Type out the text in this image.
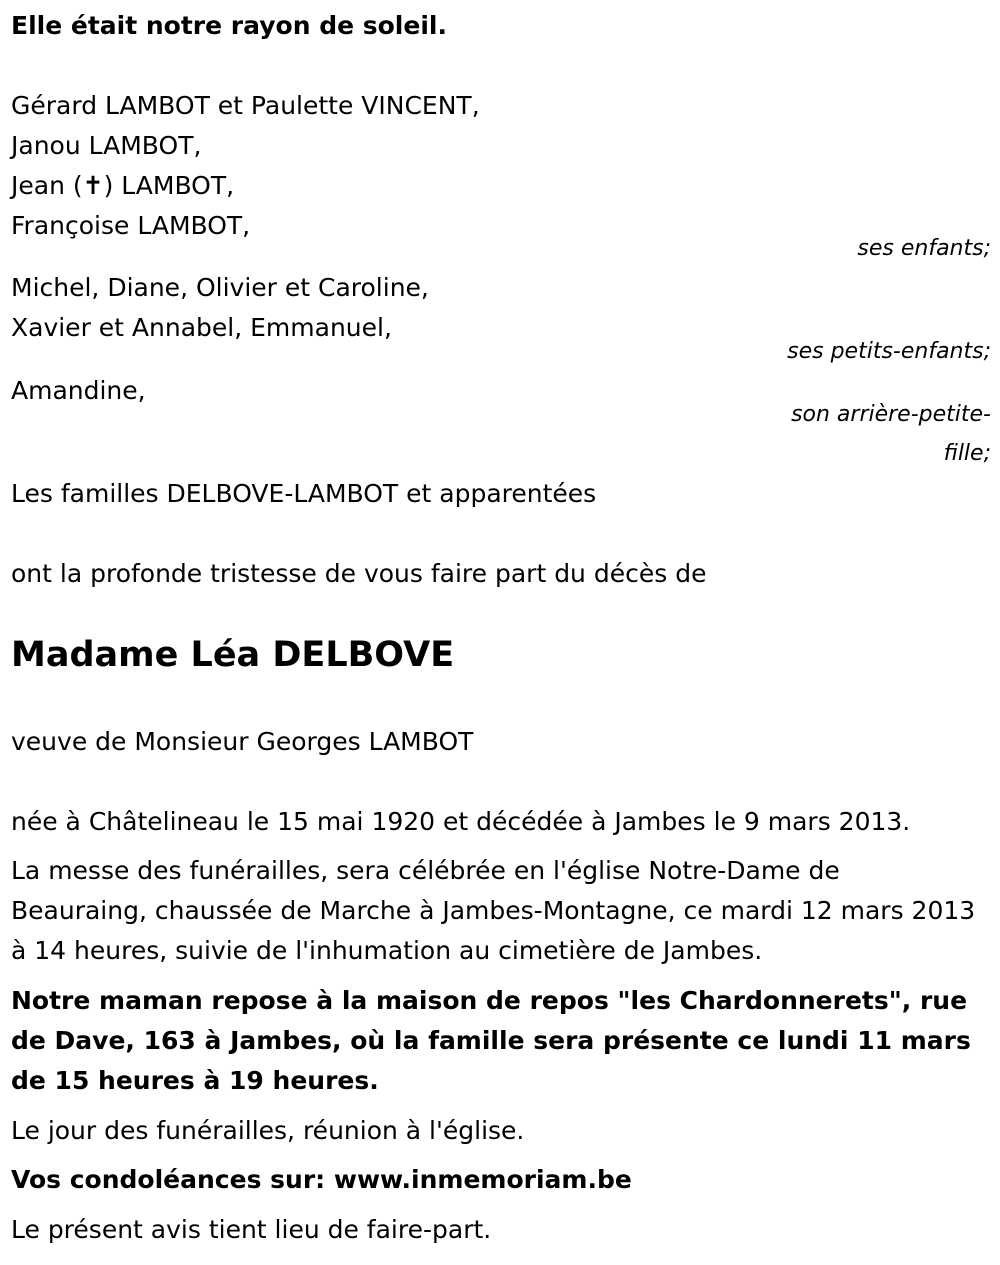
Elle était notre rayon de soleil.
Gérard LAMBOT et Paulette VINCENT,
Janou LAMBOT,
Jean (✝) LAMBOT,
Françoise LAMBOT,
ses enfants;
Michel, Diane, Olivier et Caroline,
Xavier et Annabel, Emmanuel,
ses petits-enfants;
Amandine,
son arrière-petite-
fille;
Les familles DELBOVE-LAMBOT et apparentées
ont la profonde tristesse de vous faire part du décès de
Madame Léa DELBOVE
veuve de Monsieur Georges LAMBOT
née à Châtelineau le 15 mai 1920 et décédée à Jambes le 9 mars 2013.
La messe des funérailles, sera célébrée en l'église Notre-Dame de Beauraing, chaussée de Marche à Jambes-Montagne, ce mardi 12 mars 2013 à 14 heures, suivie de l'inhumation au cimetière de Jambes.
Notre maman repose à la maison de repos "les Chardonnerets", rue de Dave, 163 à Jambes, où la famille sera présente ce lundi 11 mars de 15 heures à 19 heures.
Le jour des funérailles, réunion à l'église.
Vos condoléances sur: www.inmemoriam.be
Le présent avis tient lieu de faire-part.
